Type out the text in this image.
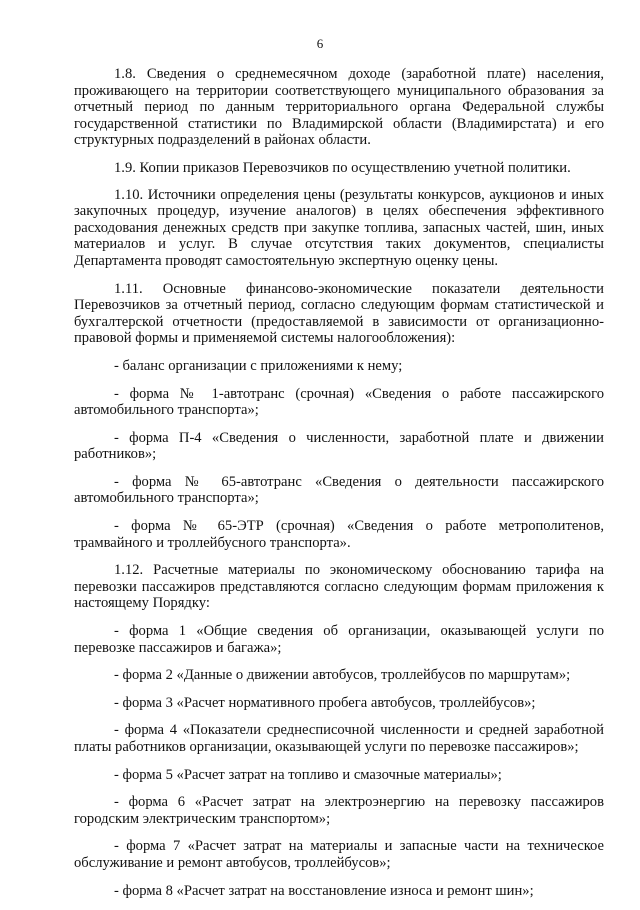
6

1.8. Сведения о среднемесячном доходе (заработной плате) населения, проживающего на территории соответствующего муниципального образования за отчетный период по данным территориального органа Федеральной службы государственной статистики по Владимирской области (Владимирстата) и его структурных подразделений в районах области.

1.9. Копии приказов Перевозчиков по осуществлению учетной политики.

1.10. Источники определения цены (результаты конкурсов, аукционов и иных закупочных процедур, изучение аналогов) в целях обеспечения эффективного расходования денежных средств при закупке топлива, запасных частей, шин, иных материалов и услуг. В случае отсутствия таких документов, специалисты Департамента проводят самостоятельную экспертную оценку цены.

1.11. Основные финансово-экономические показатели деятельности Перевозчиков за отчетный период, согласно следующим формам статистической и бухгалтерской отчетности (предоставляемой в зависимости от организационно-правовой формы и применяемой системы налогообложения):

- баланс организации с приложениями к нему;

- форма № 1-автотранс (срочная) «Сведения о работе пассажирского автомобильного транспорта»;

- форма П-4 «Сведения о численности, заработной плате и движении работников»;

- форма № 65-автотранс «Сведения о деятельности пассажирского автомобильного транспорта»;

- форма № 65-ЭТР (срочная) «Сведения о работе метрополитенов, трамвайного и троллейбусного транспорта».

1.12. Расчетные материалы по экономическому обоснованию тарифа на перевозки пассажиров представляются согласно следующим формам приложения к настоящему Порядку:

- форма 1 «Общие сведения об организации, оказывающей услуги по перевозке пассажиров и багажа»;

- форма 2 «Данные о движении автобусов, троллейбусов по маршрутам»;

- форма 3 «Расчет нормативного пробега автобусов, троллейбусов»;

- форма 4 «Показатели среднесписочной численности и средней заработной платы работников организации, оказывающей услуги по перевозке пассажиров»;

- форма 5 «Расчет затрат на топливо и смазочные материалы»;

- форма 6 «Расчет затрат на электроэнергию на перевозку пассажиров городским электрическим транспортом»;

- форма 7 «Расчет затрат на материалы и запасные части на техническое обслуживание и ремонт автобусов, троллейбусов»;

- форма 8 «Расчет затрат на восстановление износа и ремонт шин»;
